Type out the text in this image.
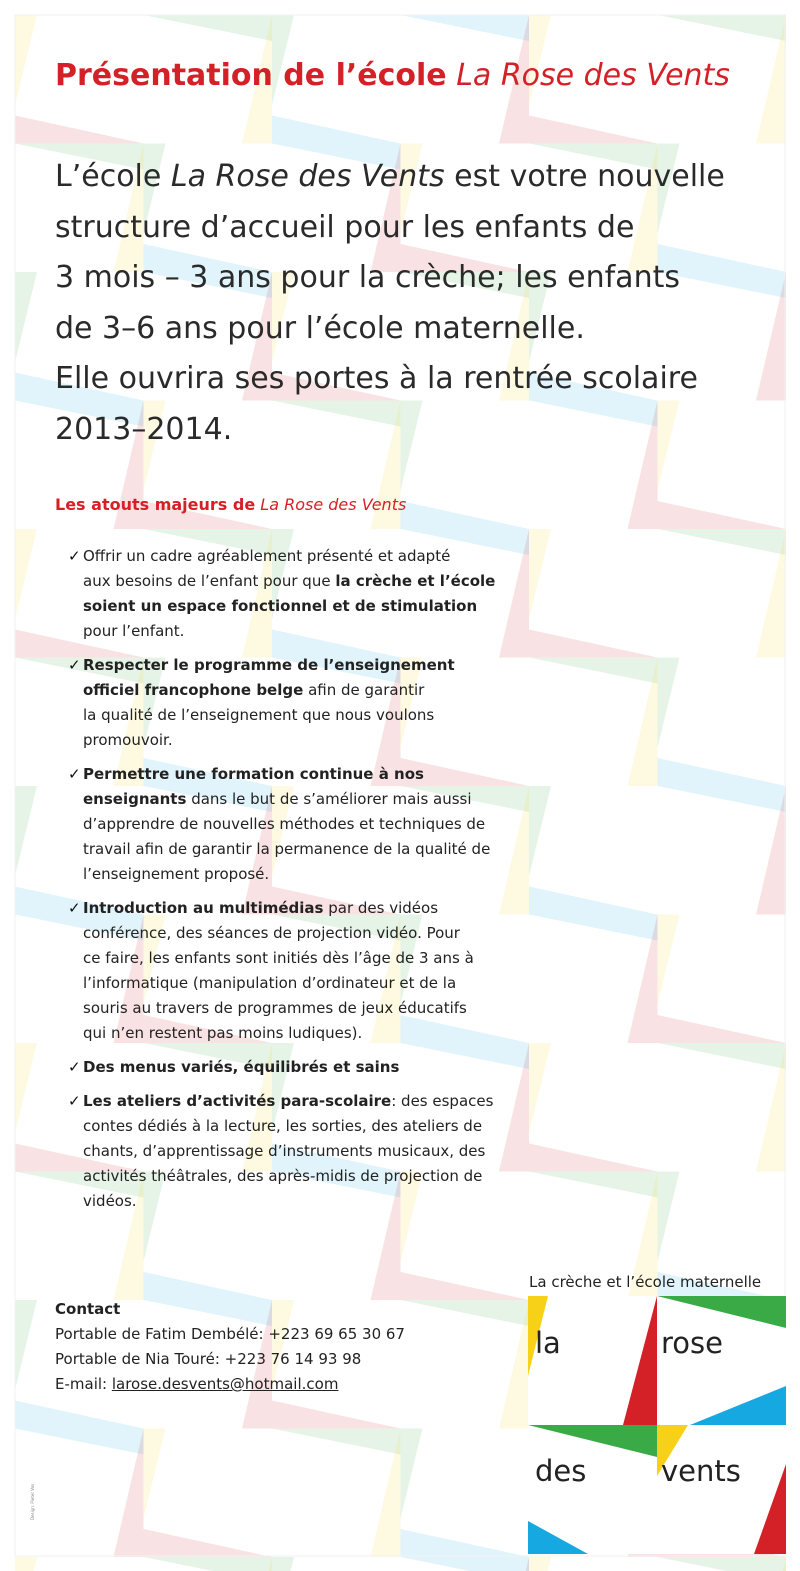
Présentation de l’école La Rose des Vents

L’école La Rose des Vents est votre nouvelle

structure d’accueil pour les enfants de

3 mois – 3 ans pour la crèche; les enfants

de 3–6 ans pour l’école maternelle.

Elle ouvrira ses portes à la rentrée scolaire

2013–2014.

Les atouts majeurs de La Rose des Vents
✓ Offrir un cadre agréablement présenté et adapté
aux besoins de l’enfant pour que la crèche et l’école
soient un espace fonctionnel et de stimulation
pour l’enfant.
✓ Respecter le programme de l’enseignement
officiel francophone belge afin de garantir
la qualité de l’enseignement que nous voulons
promouvoir.
✓ Permettre une formation continue à nos
enseignants dans le but de s’améliorer mais aussi
d’apprendre de nouvelles méthodes et techniques de
travail afin de garantir la permanence de la qualité de
l’enseignement proposé.
✓ Introduction au multimédias par des vidéos
conférence, des séances de projection vidéo. Pour
ce faire, les enfants sont initiés dès l’âge de 3 ans à
l’informatique (manipulation d’ordinateur et de la
souris au travers de programmes de jeux éducatifs
qui n’en restent pas moins ludiques).
✓ Des menus variés, équilibrés et sains
✓ Les ateliers d’activités para-scolaire: des espaces
contes dédiés à la lecture, les sorties, des ateliers de
chants, d’apprentissage d’instruments musicaux, des
activités théâtrales, des après-midis de projection de
vidéos.
La crèche et l’école maternelle
Contact
Portable de Fatim Dembélé: +223 69 65 30 67
Portable de Nia Touré: +223 76 14 93 98
E-mail: larose.desvents@hotmail.com
la	rose
des	vents
Design: Pieter Vos
